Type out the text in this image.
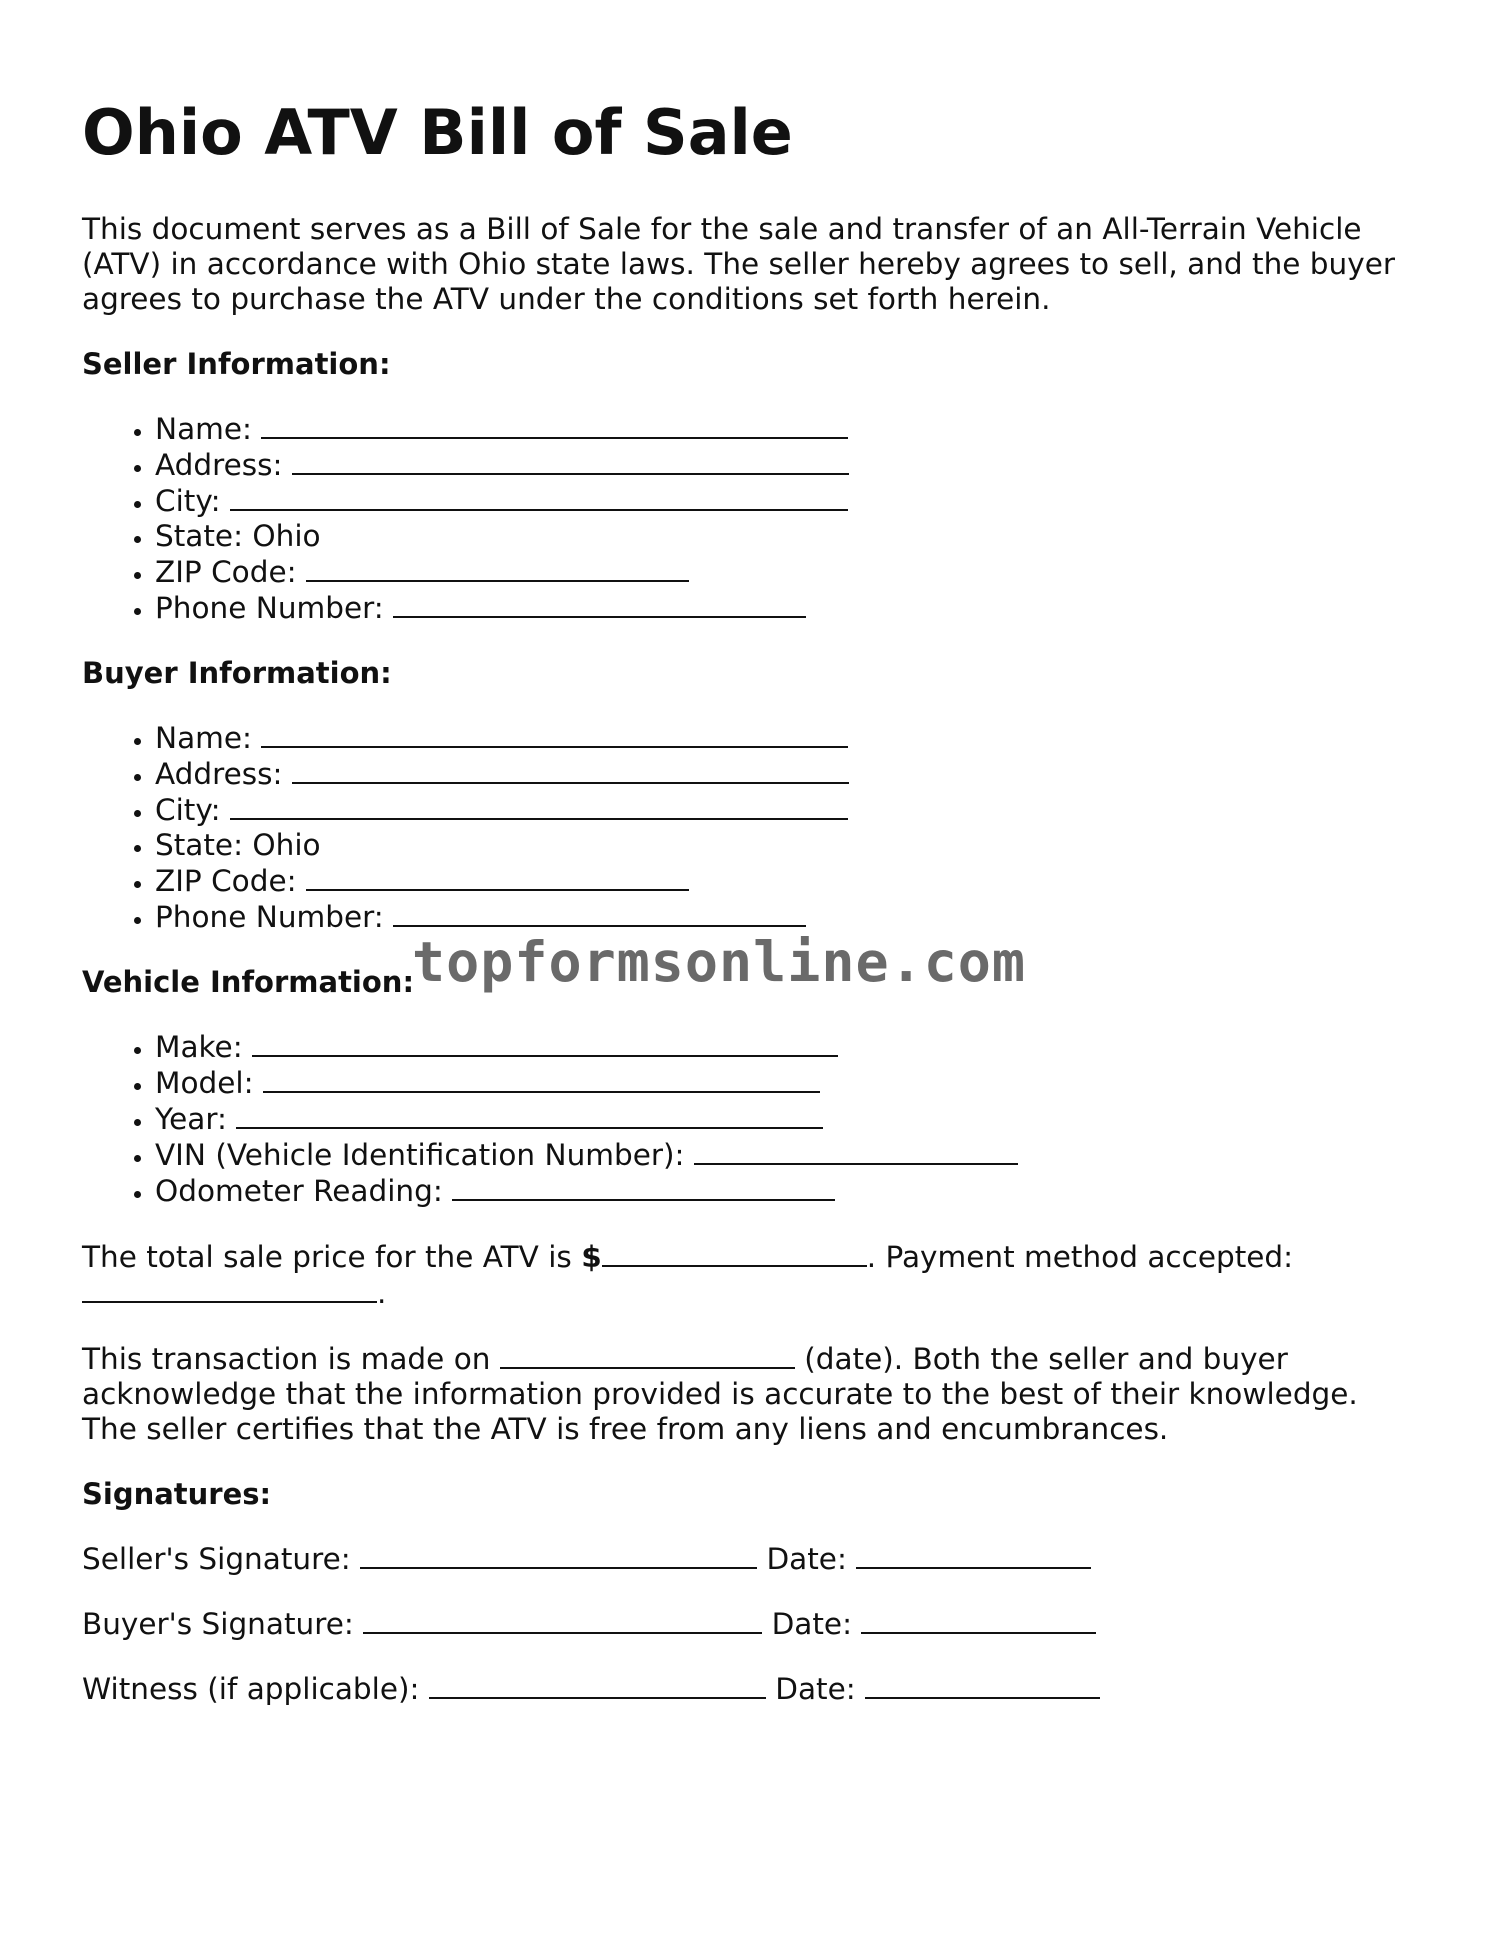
Ohio ATV Bill of Sale

This document serves as a Bill of Sale for the sale and transfer of an All-Terrain Vehicle (ATV) in accordance with Ohio state laws. The seller hereby agrees to sell, and the buyer agrees to purchase the ATV under the conditions set forth herein.

Seller Information:
• Name:
• Address:
• City:
• State: Ohio
• ZIP Code:
• Phone Number:
Buyer Information:
• Name:
• Address:
• City:
• State: Ohio
• ZIP Code:
• Phone Number:
Vehicle Information:
topformsonline.com
• Make:
• Model:
• Year:
• VIN (Vehicle Identification Number):
• Odometer Reading:

The total sale price for the ATV is $	. Payment method accepted: .

This transaction is made on	(date). Both the seller and buyer acknowledge that the information provided is accurate to the best of their knowledge. The seller certifies that the ATV is free from any liens and encumbrances.

Signatures:

Seller's Signature:	Date:

Buyer's Signature:	Date:

Witness (if applicable):	Date:
